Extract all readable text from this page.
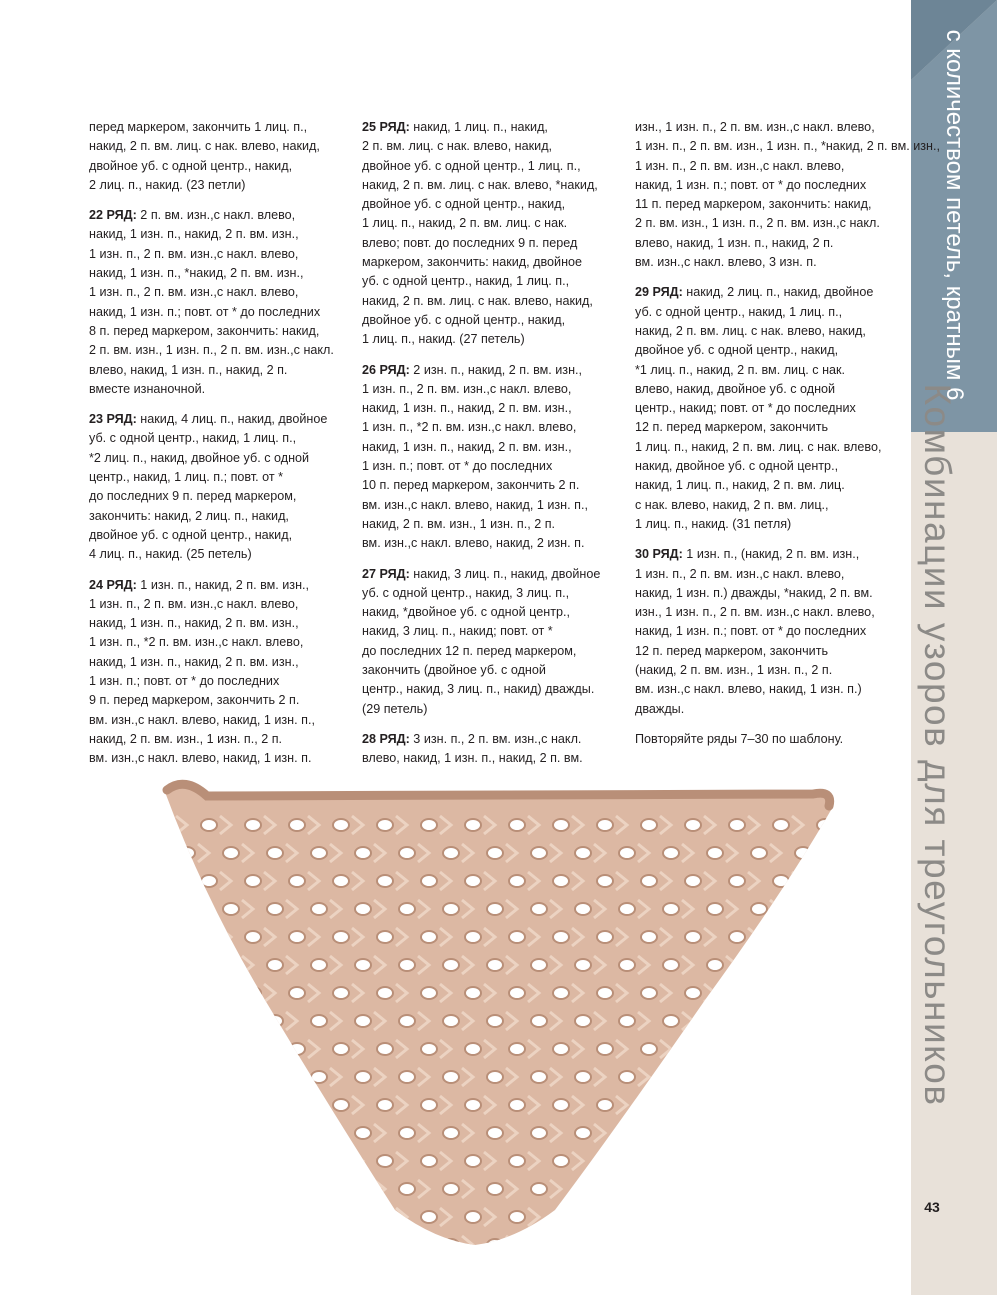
с количеством петель, кратным 6
Комбинации узоров для треугольников
43

перед маркером, закончить 1 лиц. п.,
накид, 2 п. вм. лиц. с нак. влево, накид,
двойное уб. с одной центр., накид,
2 лиц. п., накид. (23 петли)

22 РЯД: 2 п. вм. изн.,с накл. влево,
накид, 1 изн. п., накид, 2 п. вм. изн.,
1 изн. п., 2 п. вм. изн.,с накл. влево,
накид, 1 изн. п., *накид, 2 п. вм. изн.,
1 изн. п., 2 п. вм. изн.,с накл. влево,
накид, 1 изн. п.; повт. от * до последних
8 п. перед маркером, закончить: накид,
2 п. вм. изн., 1 изн. п., 2 п. вм. изн.,с накл.
влево, накид, 1 изн. п., накид, 2 п.
вместе изнаночной.

23 РЯД: накид, 4 лиц. п., накид, двойное
уб. с одной центр., накид, 1 лиц. п.,
*2 лиц. п., накид, двойное уб. с одной
центр., накид, 1 лиц. п.; повт. от *
до последних 9 п. перед маркером,
закончить: накид, 2 лиц. п., накид,
двойное уб. с одной центр., накид,
4 лиц. п., накид. (25 петель)

24 РЯД: 1 изн. п., накид, 2 п. вм. изн.,
1 изн. п., 2 п. вм. изн.,с накл. влево,
накид, 1 изн. п., накид, 2 п. вм. изн.,
1 изн. п., *2 п. вм. изн.,с накл. влево,
накид, 1 изн. п., накид, 2 п. вм. изн.,
1 изн. п.; повт. от * до последних
9 п. перед маркером, закончить 2 п.
вм. изн.,с накл. влево, накид, 1 изн. п.,
накид, 2 п. вм. изн., 1 изн. п., 2 п.
вм. изн.,с накл. влево, накид, 1 изн. п.

25 РЯД: накид, 1 лиц. п., накид,
2 п. вм. лиц. с нак. влево, накид,
двойное уб. с одной центр., 1 лиц. п.,
накид, 2 п. вм. лиц. с нак. влево, *накид,
двойное уб. с одной центр., накид,
1 лиц. п., накид, 2 п. вм. лиц. с нак.
влево; повт. до последних 9 п. перед
маркером, закончить: накид, двойное
уб. с одной центр., накид, 1 лиц. п.,
накид, 2 п. вм. лиц. с нак. влево, накид,
двойное уб. с одной центр., накид,
1 лиц. п., накид. (27 петель)

26 РЯД: 2 изн. п., накид, 2 п. вм. изн.,
1 изн. п., 2 п. вм. изн.,с накл. влево,
накид, 1 изн. п., накид, 2 п. вм. изн.,
1 изн. п., *2 п. вм. изн.,с накл. влево,
накид, 1 изн. п., накид, 2 п. вм. изн.,
1 изн. п.; повт. от * до последних
10 п. перед маркером, закончить 2 п.
вм. изн.,с накл. влево, накид, 1 изн. п.,
накид, 2 п. вм. изн., 1 изн. п., 2 п.
вм. изн.,с накл. влево, накид, 2 изн. п.

27 РЯД: накид, 3 лиц. п., накид, двойное
уб. с одной центр., накид, 3 лиц. п.,
накид, *двойное уб. с одной центр.,
накид, 3 лиц. п., накид; повт. от *
до последних 12 п. перед маркером,
закончить (двойное уб. с одной
центр., накид, 3 лиц. п., накид) дважды.
(29 петель)

28 РЯД: 3 изн. п., 2 п. вм. изн.,с накл.
влево, накид, 1 изн. п., накид, 2 п. вм.

изн., 1 изн. п., 2 п. вм. изн.,с накл. влево,
1 изн. п., 2 п. вм. изн., 1 изн. п., *накид, 2 п. вм. изн.,
1 изн. п., 2 п. вм. изн.,с накл. влево,
накид, 1 изн. п.; повт. от * до последних
11 п. перед маркером, закончить: накид,
2 п. вм. изн., 1 изн. п., 2 п. вм. изн.,с накл.
влево, накид, 1 изн. п., накид, 2 п.
вм. изн.,с накл. влево, 3 изн. п.

29 РЯД: накид, 2 лиц. п., накид, двойное
уб. с одной центр., накид, 1 лиц. п.,
накид, 2 п. вм. лиц. с нак. влево, накид,
двойное уб. с одной центр., накид,
*1 лиц. п., накид, 2 п. вм. лиц. с нак.
влево, накид, двойное уб. с одной
центр., накид; повт. от * до последних
12 п. перед маркером, закончить
1 лиц. п., накид, 2 п. вм. лиц. с нак. влево,
накид, двойное уб. с одной центр.,
накид, 1 лиц. п., накид, 2 п. вм. лиц.
с нак. влево, накид, 2 п. вм. лиц.,
1 лиц. п., накид. (31 петля)

30 РЯД: 1 изн. п., (накид, 2 п. вм. изн.,
1 изн. п., 2 п. вм. изн.,с накл. влево,
накид, 1 изн. п.) дважды, *накид, 2 п. вм.
изн., 1 изн. п., 2 п. вм. изн.,с накл. влево,
накид, 1 изн. п.; повт. от * до последних
12 п. перед маркером, закончить
(накид, 2 п. вм. изн., 1 изн. п., 2 п.
вм. изн.,с накл. влево, накид, 1 изн. п.)
дважды.

Повторяйте ряды 7–30 по шаблону.
